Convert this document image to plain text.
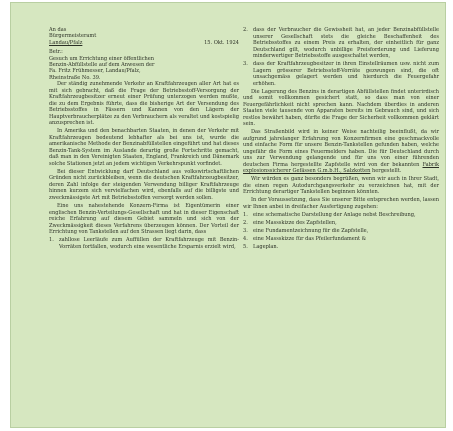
An das
Bürgermeisteramt
Landau/Pfalz	15. Okt. 1924
Betr.:
Gesuch um Errichtung einer öffentlichen
Benzin-Abfüllstelle auf dem Anwesen der
Fa. Fritz Frühmesser, Landau/Pfalz,
Rheinstraße No. 39.

Der ständig zunehmende Verkehr an Kraftfahrzeugen aller Art hat es mit sich gebracht, daß die Frage der Betriebsstoff-Versorgung der Kraftfahrzeugbesitzer erneut einer Prüfung unterzogen werden mußte, die zu dem Ergebnis führte, dass die bisherige Art der Versendung des Betriebsstoffes in Fässern und Kannen von den Lägern der Hauptverbraucherplätze zu den Verbrauchern als veraltet und kostspielig anzusprechen ist.

In Amerika und den benachbarten Staaten, in denen der Verkehr mit Kraftfahrzeugen bedeutend lebhafter als bei uns ist, wurde die amerikanische Methode der Benzinabfüllstellen eingeführt und hat dieses Benzin-Tank-System im Auslande derartig große Fortschritte gemacht, daß man in den Vereinigten Staaten, England, Frankreich und Dänemark solche Stationen jetzt an jedem wichtigen Verkehrspunkt vorfindet.

Bei dieser Entwicklung darf Deutschland aus volkswirtschaftlichen Gründen nicht zurückbleiben, wenn die deutschen Kraftfahrzeugbesitzer, deren Zahl infolge der steigenden Verwendung billiger Kraftfahrzeuge hinnen kurzem sich vervielfachen wird, ebenfalls auf die billigste und zweckmässigste Art mit Betriebsstoffen versorgt werden sollen.

Eine uns nahestehende Konzern-Firma ist Eigentümerin einer englischen Benzin-Verteilungs-Gesellschaft und hat in dieser Eigenschaft reiche Erfahrung auf diesem Gebiet sammeln und sich von der Zweckmässigkeit dieses Verfahrens überzeugen können. Der Vorteil der Errichtung von Tankstellen auf den Strassen liegt darin, dass

1. zahllose Leerläufe zum Auffüllen der Kraftfahrzeuge mit Benzin-Vorräten fortfallen, wodurch eine wesentliche Ersparnis erzielt wird,
2. dass der Verbraucher die Gewissheit hat, an jeder Benzinabfüllstelle unserer Gesellschaft stets die gleiche Beschaffenheit des Betriebsstoffes zu einem Preis zu erhalten, der einheitlich für ganz Deutschland gilt, wodurch unbillige Preisforderung und Lieferung minderwertiger Betriebsstoffe ausgeschaltet werden,
3. dass der Kraftfahrzeugbesitzer in ihren Einstellräumen usw. nicht zum Lagern grösserer Betriebsstoff-Vorräte gezwungen sind, die oft unsachgemäss gelagert werden und hierdurch die Feuergefahr erhöhen.

Die Lagerung des Benzins in derartigen Abfüllstellen findet unterirdisch und somit vollkommen gesichert statt, so dass man von einer Feuergefährlichkeit nicht sprechen kann. Nachdem überdies in anderen Staaten viele tausende von Apparaten bereits im Gebrauch sind, und sich restlos bewährt haben, dürfte die Frage der Sicherheit vollkommen geklärt sein.

Das Straßenbild wird in keiner Weise nachteilig beeinflußt, da wir aufgrund jahrelanger Erfahrung von Konzernfirmen eine geschmackvolle und einfache Form für unsere Benzin-Tankstellen gefunden haben, welche ungefähr die Form eines Feuermelders haben. Die für Deutschland durch uns zur Verwendung gelangende und für uns von einer führenden deutschen Firma hergestellte Zapfstelle wird von der bekannten Fabrik explosionssicherer Gefässen G.m.b.H., Salzkotten hergestellt.

Wir würden es ganz besonders begrüßen, wenn wir auch in Ihrer Stadt, die einen regen Autodurchgangsverkehr zu verzeichnen hat, mit der Errichtung derartiger Tankstellen beginnen könnten.

In der Voraussetzung, dass Sie unserer Bitte entsprechen werden, lassen wir Ihnen anbei in dreifacher Ausfertigung zugehen:

1. eine schematische Darstellung der Anlage nebst Beschreibung,
2. eine Massskizze des Zapfstellen,
3. eine Fundamentzeichnung für die Zapfstelle,
4. eine Massskizze für das Pfeilerfundament &
5. Lageplan.
